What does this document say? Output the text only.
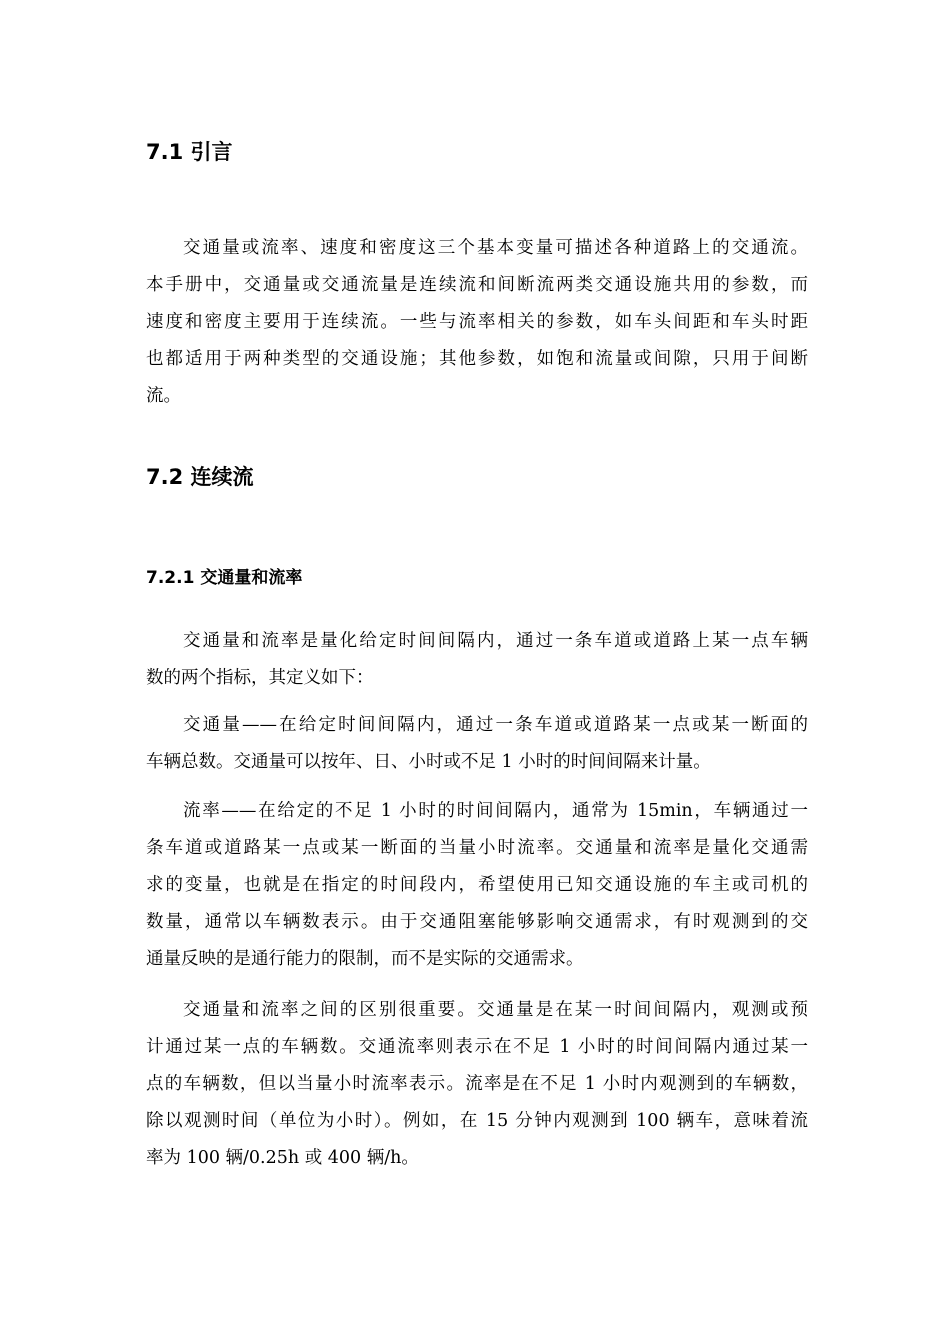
7.1 引言
交通量或流率、速度和密度这三个基本变量可描述各种道路上的交通流。
本手册中，交通量或交通流量是连续流和间断流两类交通设施共用的参数，而
速度和密度主要用于连续流。一些与流率相关的参数，如车头间距和车头时距
也都适用于两种类型的交通设施；其他参数，如饱和流量或间隙，只用于间断
流。
7.2 连续流
7.2.1 交通量和流率
交通量和流率是量化给定时间间隔内，通过一条车道或道路上某一点车辆
数的两个指标，其定义如下：
交通量——在给定时间间隔内，通过一条车道或道路某一点或某一断面的
车辆总数。交通量可以按年、日、小时或不足 1 小时的时间间隔来计量。
流率——在给定的不足 1 小时的时间间隔内，通常为 15min，车辆通过一
条车道或道路某一点或某一断面的当量小时流率。交通量和流率是量化交通需
求的变量，也就是在指定的时间段内，希望使用已知交通设施的车主或司机的
数量，通常以车辆数表示。由于交通阻塞能够影响交通需求，有时观测到的交
通量反映的是通行能力的限制，而不是实际的交通需求。
交通量和流率之间的区别很重要。交通量是在某一时间间隔内，观测或预
计通过某一点的车辆数。交通流率则表示在不足 1 小时的时间间隔内通过某一
点的车辆数，但以当量小时流率表示。流率是在不足 1 小时内观测到的车辆数，
除以观测时间（单位为小时）。例如，在 15 分钟内观测到 100 辆车，意味着流
率为 100 辆/0.25h 或 400 辆/h。
